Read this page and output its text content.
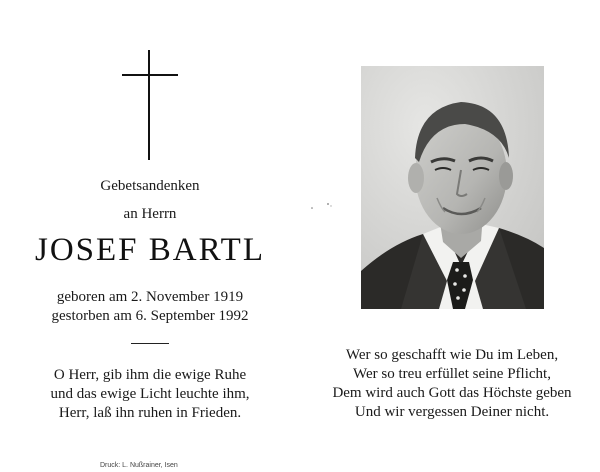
Gebetsandenken
an Herrn
JOSEF BARTL
geboren am 2. November 1919
gestorben am 6. September 1992
O Herr, gib ihm die ewige Ruhe
und das ewige Licht leuchte ihm,
Herr, laß ihn ruhen in Frieden.
Wer so geschafft wie Du im Leben,
Wer so treu erfüllet seine Pflicht,
Dem wird auch Gott das Höchste geben
Und wir vergessen Deiner nicht.
Druck: L. Nußrainer, Isen
